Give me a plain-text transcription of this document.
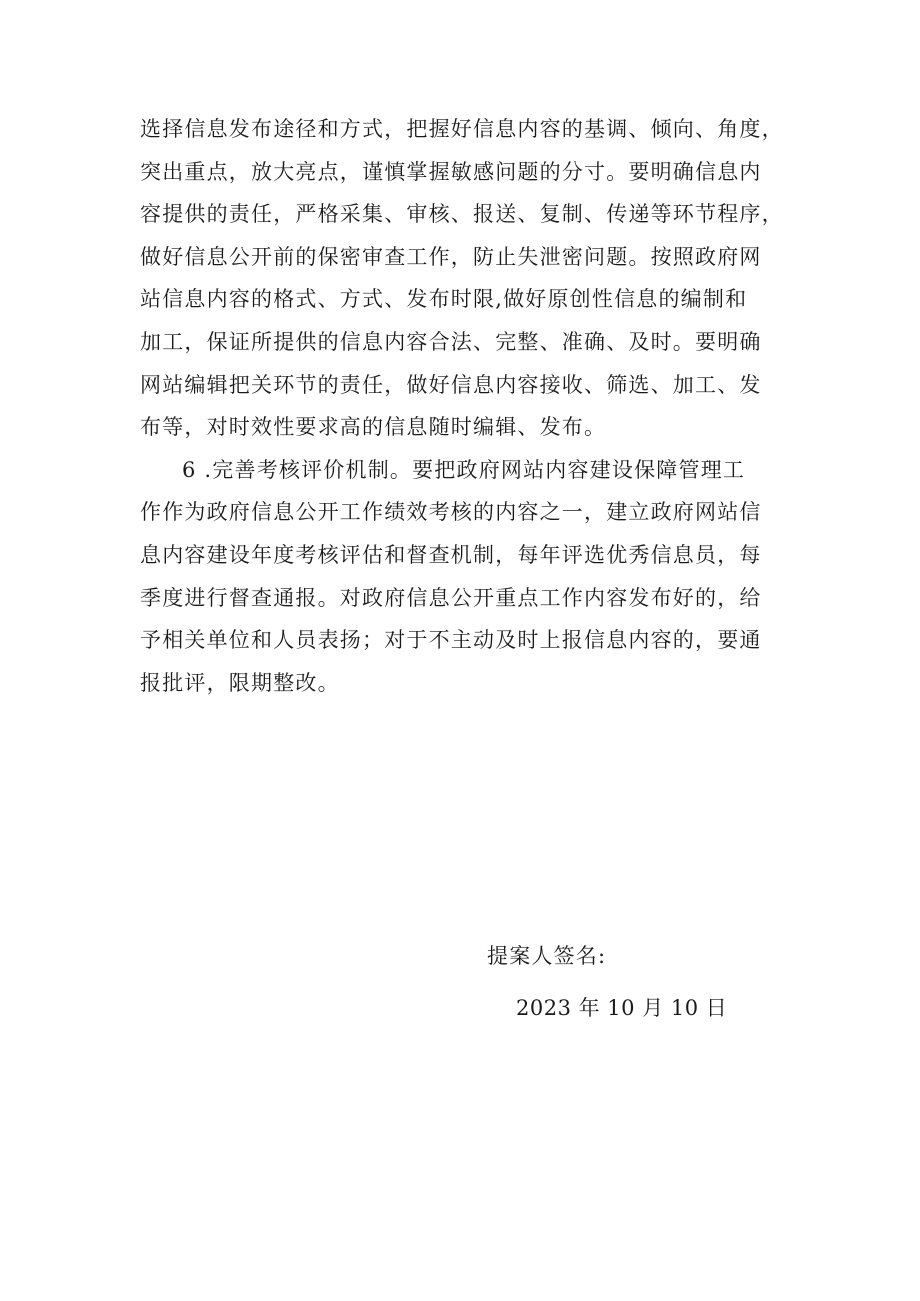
选择信息发布途径和方式，把握好信息内容的基调、倾向、角度，
突出重点，放大亮点，谨慎掌握敏感问题的分寸。要明确信息内
容提供的责任，严格采集、审核、报送、复制、传递等环节程序，
做好信息公开前的保密审查工作，防止失泄密问题。按照政府网
站信息内容的格式、方式、发布时限,做好原创性信息的编制和
加工，保证所提供的信息内容合法、完整、准确、及时。要明确
网站编辑把关环节的责任，做好信息内容接收、筛选、加工、发
布等，对时效性要求高的信息随时编辑、发布。
6 .完善考核评价机制。要把政府网站内容建设保障管理工
作作为政府信息公开工作绩效考核的内容之一，建立政府网站信
息内容建设年度考核评估和督查机制，每年评选优秀信息员，每
季度进行督查通报。对政府信息公开重点工作内容发布好的，给
予相关单位和人员表扬；对于不主动及时上报信息内容的，要通
报批评，限期整改。
提案人签名:
2023 年 10 月 10 日
